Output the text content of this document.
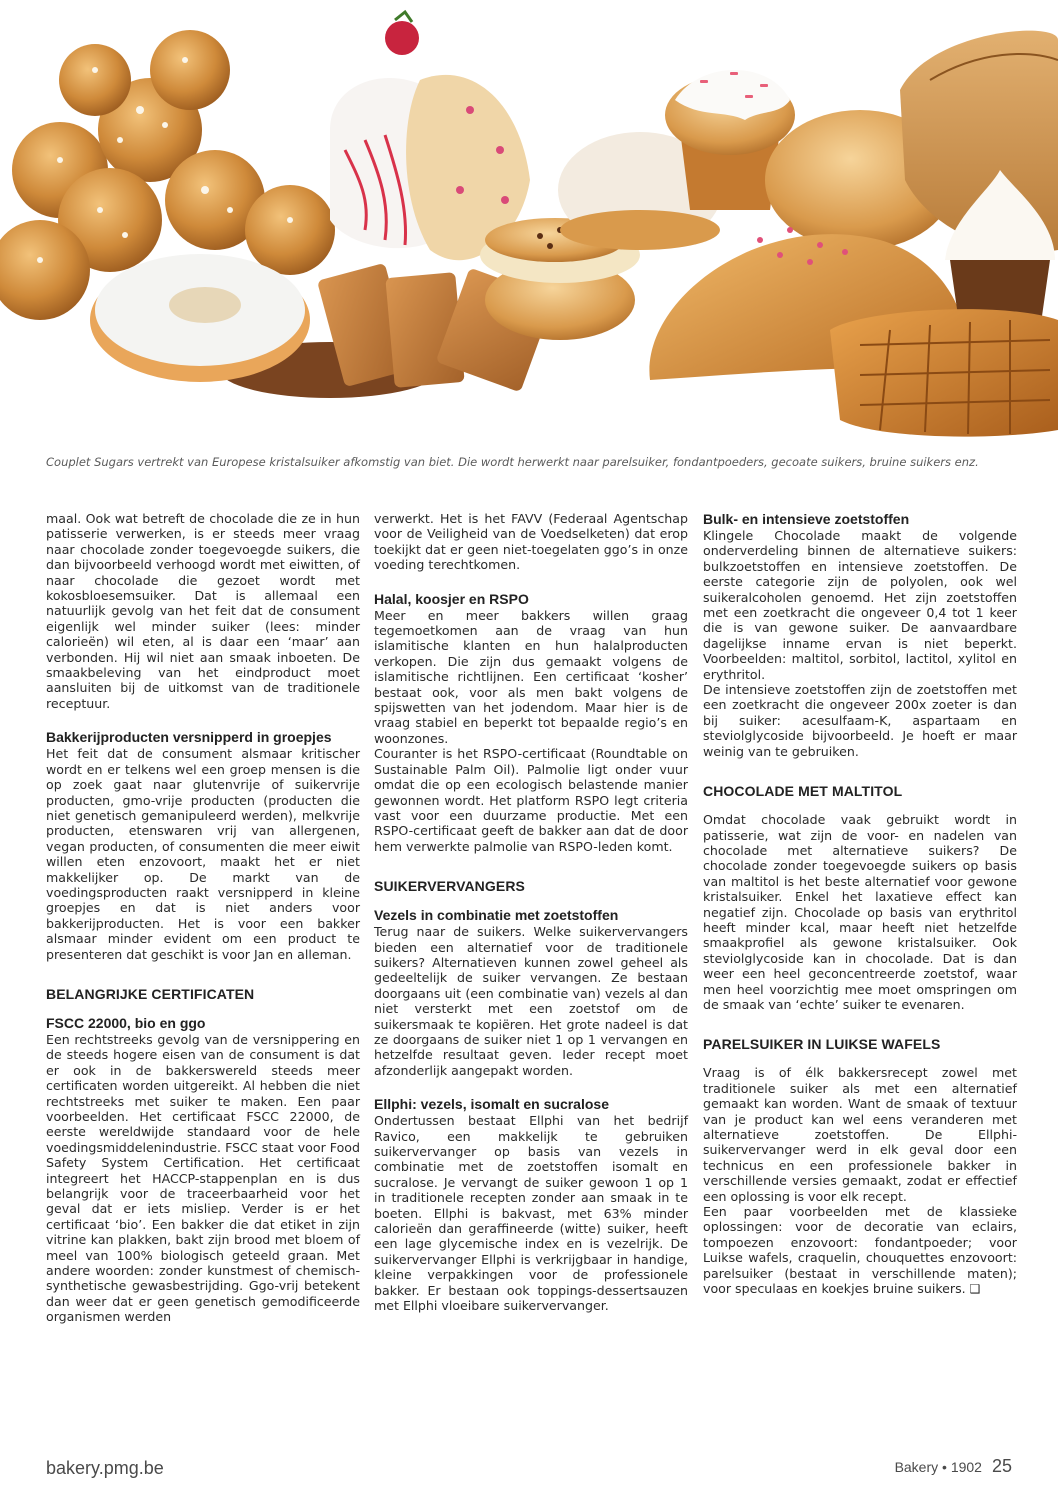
Couplet Sugars vertrekt van Europese kristalsuiker afkomstig van biet. Die wordt herwerkt naar parelsuiker, fondantpoeders, gecoate suikers, bruine suikers enz.

maal. Ook wat betreft de chocolade die ze in hun patisserie verwerken, is er steeds meer vraag naar chocolade zonder toegevoegde suikers, die dan bijvoorbeeld verhoogd wordt met eiwitten, of naar chocolade die gezoet wordt met kokosbloesemsuiker. Dat is allemaal een natuurlijk gevolg van het feit dat de consument eigenlijk wel minder suiker (lees: minder calorieën) wil eten, al is daar een ‘maar’ aan verbonden. Hij wil niet aan smaak inboeten. De smaakbeleving van het eindproduct moet aansluiten bij de uitkomst van de traditionele receptuur.

Bakkerijproducten versnipperd in groepjes

Het feit dat de consument alsmaar kritischer wordt en er telkens wel een groep mensen is die op zoek gaat naar glutenvrije of suikervrije producten, gmo-vrije producten (producten die niet genetisch gemanipuleerd werden), melkvrije producten, etenswaren vrij van allergenen, vegan producten, of consumenten die meer eiwit willen eten enzovoort, maakt het er niet makkelijker op. De markt van de voedingsproducten raakt versnipperd in kleine groepjes en dat is niet anders voor bakkerijproducten. Het is voor een bakker alsmaar minder evident om een product te presenteren dat geschikt is voor Jan en alleman.

BELANGRIJKE CERTIFICATEN
FSCC 22000, bio en ggo

Een rechtstreeks gevolg van de versnippering en de steeds hogere eisen van de consument is dat er ook in de bakkerswereld steeds meer certificaten worden uitgereikt. Al hebben die niet rechtstreeks met suiker te maken. Een paar voorbeelden. Het certificaat FSCC 22000, de eerste wereldwijde standaard voor de hele voedingsmiddelenindustrie. FSCC staat voor Food Safety System Certification. Het certificaat integreert het HACCP-stappenplan en is dus belangrijk voor de traceerbaarheid voor het geval dat er iets misliep. Verder is er het certificaat ‘bio’. Een bakker die dat etiket in zijn vitrine kan plakken, bakt zijn brood met bloem of meel van 100% biologisch geteeld graan. Met andere woorden: zonder kunstmest of chemisch-synthetische gewasbestrijding. Ggo-vrij betekent dan weer dat er geen genetisch gemodificeerde organismen werden

verwerkt. Het is het FAVV (Federaal Agentschap voor de Veiligheid van de Voedselketen) dat erop toekijkt dat er geen niet-toegelaten ggo’s in onze voeding terechtkomen.

Halal, koosjer en RSPO

Meer en meer bakkers willen graag tegemoetkomen aan de vraag van hun islamitische klanten en hun halalproducten verkopen. Die zijn dus gemaakt volgens de islamitische richtlijnen. Een certificaat ‘kosher’ bestaat ook, voor als men bakt volgens de spijswetten van het jodendom. Maar hier is de vraag stabiel en beperkt tot bepaalde regio’s en woonzones.

Couranter is het RSPO-certificaat (Roundtable on Sustainable Palm Oil). Palmolie ligt onder vuur omdat die op een ecologisch belastende manier gewonnen wordt. Het platform RSPO legt criteria vast voor een duurzame productie. Met een RSPO-certificaat geeft de bakker aan dat de door hem verwerkte palmolie van RSPO-leden komt.

SUIKERVERVANGERS
Vezels in combinatie met zoetstoffen

Terug naar de suikers. Welke suikervervangers bieden een alternatief voor de traditionele suikers? Alternatieven kunnen zowel geheel als gedeeltelijk de suiker vervangen. Ze bestaan doorgaans uit (een combinatie van) vezels al dan niet versterkt met een zoetstof om de suikersmaak te kopiëren. Het grote nadeel is dat ze doorgaans de suiker niet 1 op 1 vervangen en hetzelfde resultaat geven. Ieder recept moet afzonderlijk aangepakt worden.

Ellphi: vezels, isomalt en sucralose

Ondertussen bestaat Ellphi van het bedrijf Ravico, een makkelijk te gebruiken suikervervanger op basis van vezels in combinatie met de zoetstoffen isomalt en sucralose. Je vervangt de suiker gewoon 1 op 1 in traditionele recepten zonder aan smaak in te boeten. Ellphi is bakvast, met 63% minder calorieën dan geraffineerde (witte) suiker, heeft een lage glycemische index en is vezelrijk. De suikervervanger Ellphi is verkrijgbaar in handige, kleine verpakkingen voor de professionele bakker. Er bestaan ook toppings-dessertsauzen met Ellphi vloeibare suikervervanger.

Bulk- en intensieve zoetstoffen

Klingele Chocolade maakt de volgende onderverdeling binnen de alternatieve suikers: bulkzoetstoffen en intensieve zoetstoffen. De eerste categorie zijn de polyolen, ook wel suikeralcoholen genoemd. Het zijn zoetstoffen met een zoetkracht die ongeveer 0,4 tot 1 keer die is van gewone suiker. De aanvaardbare dagelijkse inname ervan is niet beperkt. Voorbeelden: maltitol, sorbitol, lactitol, xylitol en erythritol.

De intensieve zoetstoffen zijn de zoetstoffen met een zoetkracht die ongeveer 200x zoeter is dan bij suiker: acesulfaam-K, aspartaam en steviolglycoside bijvoorbeeld. Je hoeft er maar weinig van te gebruiken.

CHOCOLADE MET MALTITOL

Omdat chocolade vaak gebruikt wordt in patisserie, wat zijn de voor- en nadelen van chocolade met alternatieve suikers? De chocolade zonder toegevoegde suikers op basis van maltitol is het beste alternatief voor gewone kristalsuiker. Enkel het laxatieve effect kan negatief zijn. Chocolade op basis van erythritol heeft minder kcal, maar heeft niet hetzelfde smaakprofiel als gewone kristalsuiker. Ook steviolglycoside kan in chocolade. Dat is dan weer een heel geconcentreerde zoetstof, waar men heel voorzichtig mee moet omspringen om de smaak van ‘echte’ suiker te evenaren.

PARELSUIKER IN LUIKSE WAFELS

Vraag is of élk bakkersrecept zowel met traditionele suiker als met een alternatief gemaakt kan worden. Want de smaak of textuur van je product kan wel eens veranderen met alternatieve zoetstoffen. De Ellphi-suikervervanger werd in elk geval door een technicus en een professionele bakker in verschillende versies gemaakt, zodat er effectief een oplossing is voor elk recept.

Een paar voorbeelden met de klassieke oplossingen: voor de decoratie van eclairs, tompoezen enzovoort: fondantpoeder; voor Luikse wafels, craquelin, chouquettes enzovoort: parelsuiker (bestaat in verschillende maten); voor speculaas en koekjes bruine suikers. ❑

bakery.pmg.be	Bakery • 1902 25
